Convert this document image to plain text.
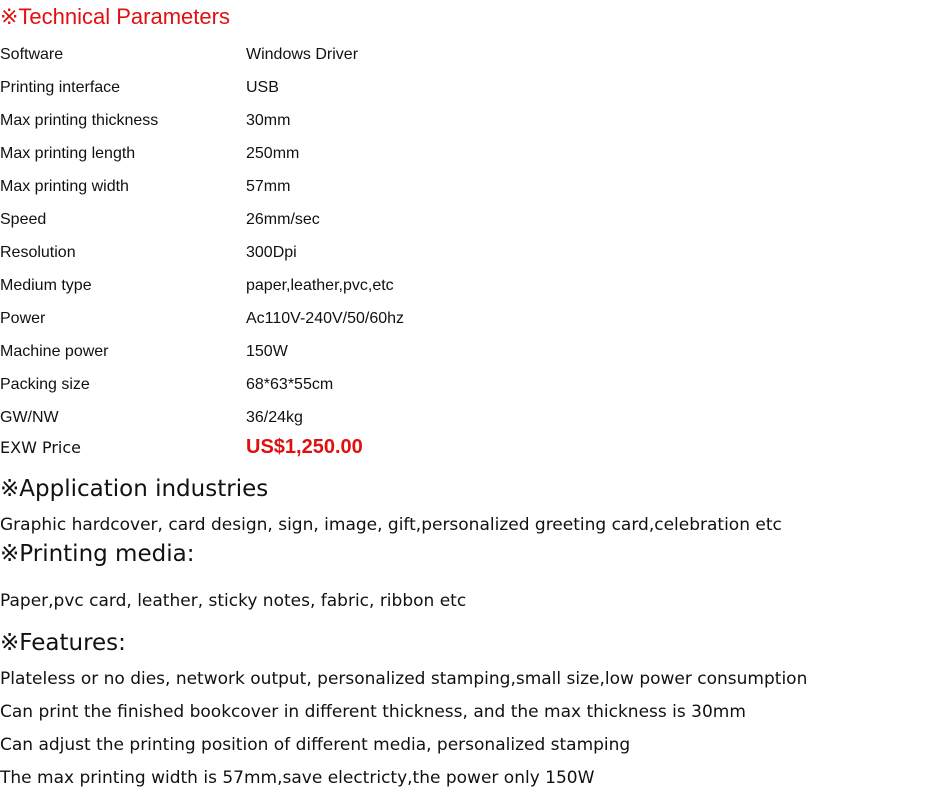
※Technical Parameters
Software	Windows Driver
Printing interface	USB
Max printing thickness	30mm
Max printing length	250mm
Max printing width	57mm
Speed	26mm/sec
Resolution	300Dpi
Medium type	paper,leather,pvc,etc
Power	Ac110V-240V/50/60hz
Machine power	150W
Packing size	68*63*55cm
GW/NW	36/24kg
EXW Price	US$1,250.00
※Application industries
Graphic hardcover, card design, sign, image, gift,personalized greeting card,celebration etc
※Printing media:
Paper,pvc card, leather, sticky notes, fabric, ribbon etc
※Features:
Plateless or no dies, network output, personalized stamping,small size,low power consumption
Can print the finished bookcover in different thickness, and the max thickness is 30mm
Can adjust the printing position of different media, personalized stamping
The max printing width is 57mm,save electricty,the power only 150W
